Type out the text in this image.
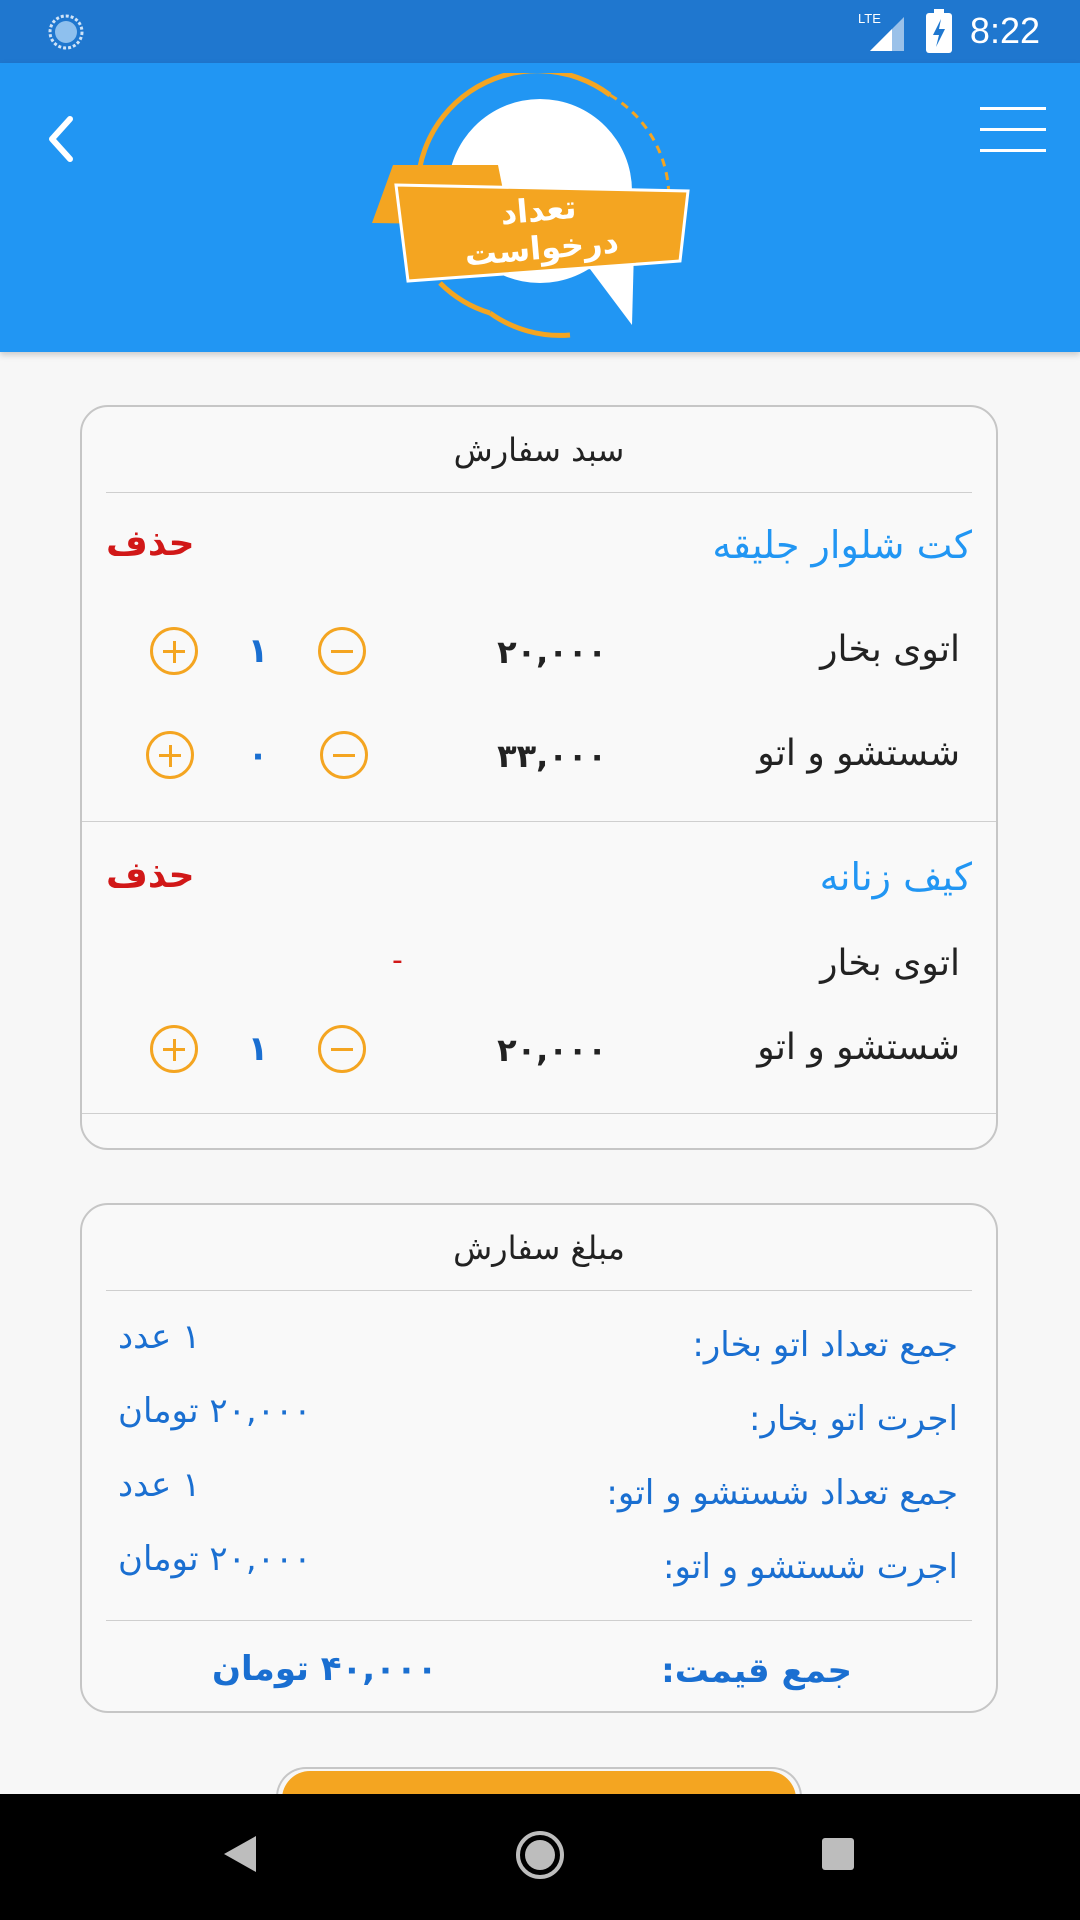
LTE 8:22
تعداد درخواست
سبد سفارش
کت شلوار جلیقه
حذف
اتوی بخار
۲۰,۰۰۰
۱
شستشو و اتو
۳۳,۰۰۰
۰
کیف زنانه
حذف
اتوی بخار
-
شستشو و اتو
۲۰,۰۰۰
۱
مبلغ سفارش
جمع تعداد اتو بخار:
۱ عدد
اجرت اتو بخار:
۲۰,۰۰۰ تومان
جمع تعداد شستشو و اتو:
۱ عدد
اجرت شستشو و اتو:
۲۰,۰۰۰ تومان
جمع قیمت:
۴۰,۰۰۰ تومان
